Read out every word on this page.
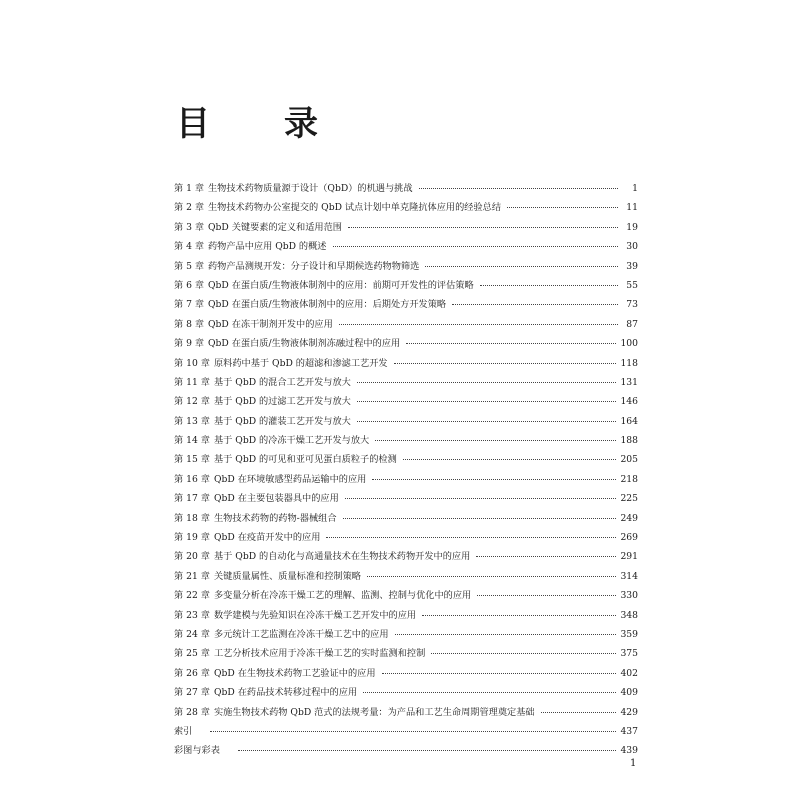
目　录
第 1 章 生物技术药物质量源于设计（QbD）的机遇与挑战	1
第 2 章 生物技术药物办公室提交的 QbD 试点计划中单克隆抗体应用的经验总结	11
第 3 章 QbD 关键要素的定义和适用范围	19
第 4 章 药物产品中应用 QbD 的概述	30
第 5 章 药物产品测规开发：分子设计和早期候选药物物筛选	39
第 6 章 QbD 在蛋白质/生物液体制剂中的应用：前期可开发性的评估策略	55
第 7 章 QbD 在蛋白质/生物液体制剂中的应用：后期处方开发策略	73
第 8 章 QbD 在冻干制剂开发中的应用	87
第 9 章 QbD 在蛋白质/生物液体制剂冻融过程中的应用	100
第 10 章 原料药中基于 QbD 的超滤和渗滤工艺开发	118
第 11 章 基于 QbD 的混合工艺开发与放大	131
第 12 章 基于 QbD 的过滤工艺开发与放大	146
第 13 章 基于 QbD 的灌装工艺开发与放大	164
第 14 章 基于 QbD 的冷冻干燥工艺开发与放大	188
第 15 章 基于 QbD 的可见和亚可见蛋白质粒子的检测	205
第 16 章 QbD 在环境敏感型药品运输中的应用	218
第 17 章 QbD 在主要包装器具中的应用	225
第 18 章 生物技术药物的药物-器械组合	249
第 19 章 QbD 在疫苗开发中的应用	269
第 20 章 基于 QbD 的自动化与高通量技术在生物技术药物开发中的应用	291
第 21 章 关键质量属性、质量标准和控制策略	314
第 22 章 多变量分析在冷冻干燥工艺的理解、监测、控制与优化中的应用	330
第 23 章 数学建模与先验知识在冷冻干燥工艺开发中的应用	348
第 24 章 多元统计工艺监测在冷冻干燥工艺中的应用	359
第 25 章 工艺分析技术应用于冷冻干燥工艺的实时监测和控制	375
第 26 章 QbD 在生物技术药物工艺验证中的应用	402
第 27 章 QbD 在药品技术转移过程中的应用	409
第 28 章 实施生物技术药物 QbD 范式的法规考量：为产品和工艺生命周期管理奠定基础	429
索引	437
彩图与彩表	439

1
